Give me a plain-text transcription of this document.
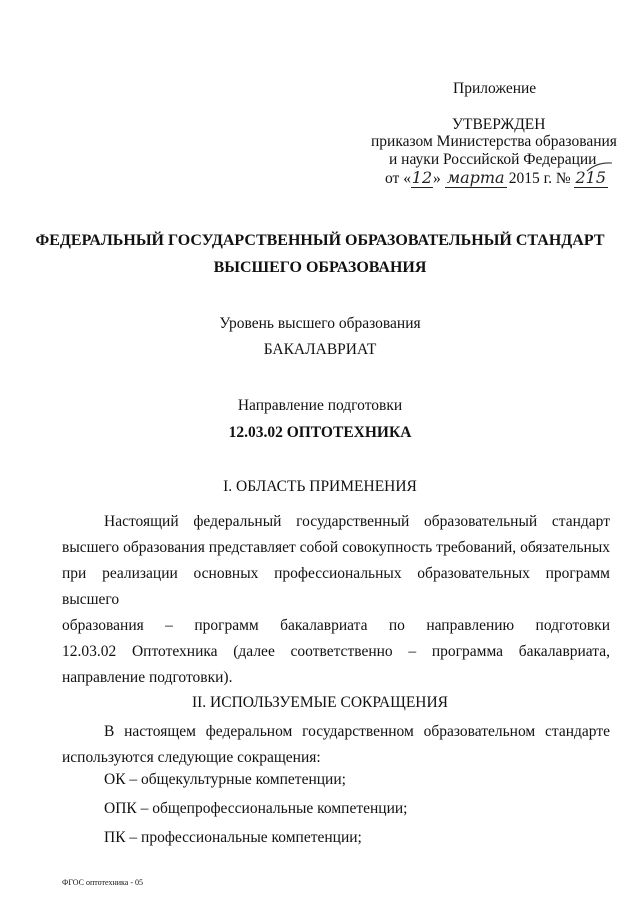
Приложение
УТВЕРЖДЕН
приказом Министерства образования
и науки Российской Федерации
от «12» марта 2015 г. № 215
ФЕДЕРАЛЬНЫЙ ГОСУДАРСТВЕННЫЙ ОБРАЗОВАТЕЛЬНЫЙ СТАНДАРТ
ВЫСШЕГО ОБРАЗОВАНИЯ
Уровень высшего образования
БАКАЛАВРИАТ
Направление подготовки
12.03.02 ОПТОТЕХНИКА
I. ОБЛАСТЬ ПРИМЕНЕНИЯ
Настоящий федеральный государственный образовательный стандарт
высшего образования представляет собой совокупность требований, обязательных
при реализации основных профессиональных образовательных программ высшего
образования – программ бакалавриата по направлению подготовки
12.03.02 Оптотехника (далее соответственно – программа бакалавриата,
направление подготовки).
II. ИСПОЛЬЗУЕМЫЕ СОКРАЩЕНИЯ
В настоящем федеральном государственном образовательном стандарте
используются следующие сокращения:
ОК – общекультурные компетенции;
ОПК – общепрофессиональные компетенции;
ПК – профессиональные компетенции;
ФГОС оптотехника - 05
